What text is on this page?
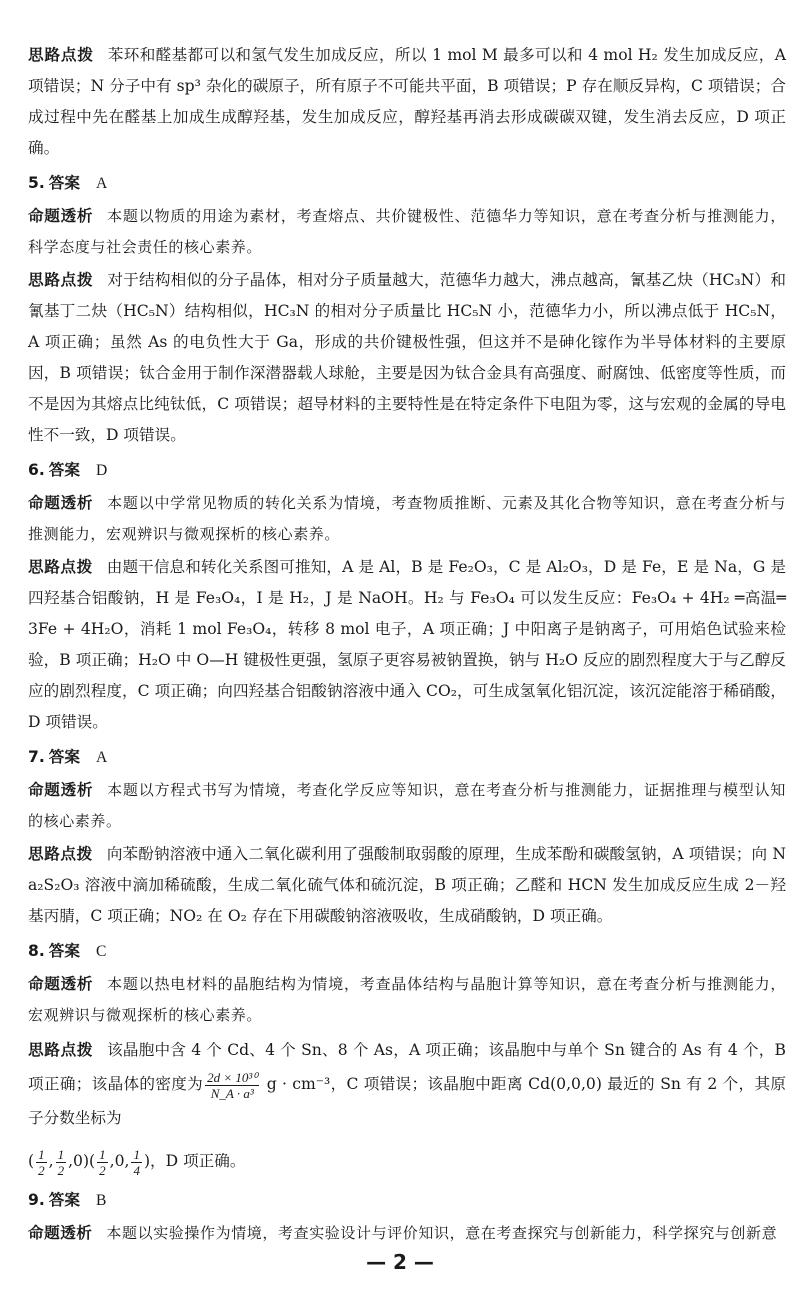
思路点拨 苯环和醛基都可以和氢气发生加成反应，所以 1 mol M 最多可以和 4 mol H₂ 发生加成反应，A 项错误；N 分子中有 sp³ 杂化的碳原子，所有原子不可能共平面，B 项错误；P 存在顺反异构，C 项错误；合成过程中先在醛基上加成生成醇羟基，发生加成反应，醇羟基再消去形成碳碳双键，发生消去反应，D 项正确。

5. 答案 A

命题透析 本题以物质的用途为素材，考查熔点、共价键极性、范德华力等知识，意在考查分析与推测能力，科学态度与社会责任的核心素养。

思路点拨 对于结构相似的分子晶体，相对分子质量越大，范德华力越大，沸点越高，氰基乙炔（HC₃N）和氰基丁二炔（HC₅N）结构相似，HC₃N 的相对分子质量比 HC₅N 小，范德华力小，所以沸点低于 HC₅N，A 项正确；虽然 As 的电负性大于 Ga，形成的共价键极性强，但这并不是砷化镓作为半导体材料的主要原因，B 项错误；钛合金用于制作深潜器载人球舱，主要是因为钛合金具有高强度、耐腐蚀、低密度等性质，而不是因为其熔点比纯钛低，C 项错误；超导材料的主要特性是在特定条件下电阻为零，这与宏观的金属的导电性不一致，D 项错误。

6. 答案 D

命题透析 本题以中学常见物质的转化关系为情境，考查物质推断、元素及其化合物等知识，意在考查分析与推测能力，宏观辨识与微观探析的核心素养。

思路点拨 由题干信息和转化关系图可推知，A 是 Al，B 是 Fe₂O₃，C 是 Al₂O₃，D 是 Fe，E 是 Na，G 是四羟基合铝酸钠，H 是 Fe₃O₄，I 是 H₂，J 是 NaOH。H₂ 与 Fe₃O₄ 可以发生反应：Fe₃O₄ + 4H₂ ═高温═ 3Fe + 4H₂O，消耗 1 mol Fe₃O₄，转移 8 mol 电子，A 项正确；J 中阳离子是钠离子，可用焰色试验来检验，B 项正确；H₂O 中 O—H 键极性更强，氢原子更容易被钠置换，钠与 H₂O 反应的剧烈程度大于与乙醇反应的剧烈程度，C 项正确；向四羟基合铝酸钠溶液中通入 CO₂，可生成氢氧化铝沉淀，该沉淀能溶于稀硝酸，D 项错误。

7. 答案 A

命题透析 本题以方程式书写为情境，考查化学反应等知识，意在考查分析与推测能力，证据推理与模型认知的核心素养。

思路点拨 向苯酚钠溶液中通入二氧化碳利用了强酸制取弱酸的原理，生成苯酚和碳酸氢钠，A 项错误；向 Na₂S₂O₃ 溶液中滴加稀硫酸，生成二氧化硫气体和硫沉淀，B 项正确；乙醛和 HCN 发生加成反应生成 2－羟基丙腈，C 项正确；NO₂ 在 O₂ 存在下用碳酸钠溶液吸收，生成硝酸钠，D 项正确。

8. 答案 C

命题透析 本题以热电材料的晶胞结构为情境，考查晶体结构与晶胞计算等知识，意在考查分析与推测能力，宏观辨识与微观探析的核心素养。

思路点拨 该晶胞中含 4 个 Cd、4 个 Sn、8 个 As，A 项正确；该晶胞中与单个 Sn 键合的 As 有 4 个，B 项正确；该晶体的密度为 $\frac{\text{2d × 10³⁰}}{\text{N\_A · a³}}$ g · cm⁻³，C 项错误；该晶胞中距离 Cd(0,0,0) 最近的 Sn 有 2 个，其原子分数坐标为

( $\frac{1}{2}$ , $\frac{1}{2} ,0)( \frac{1}{2} ,0$, $\frac{1}{4}$ )，D 项正确。

9. 答案 B

命题透析 本题以实验操作为情境，考查实验设计与评价知识，意在考查探究与创新能力，科学探究与创新意

— 2 —
